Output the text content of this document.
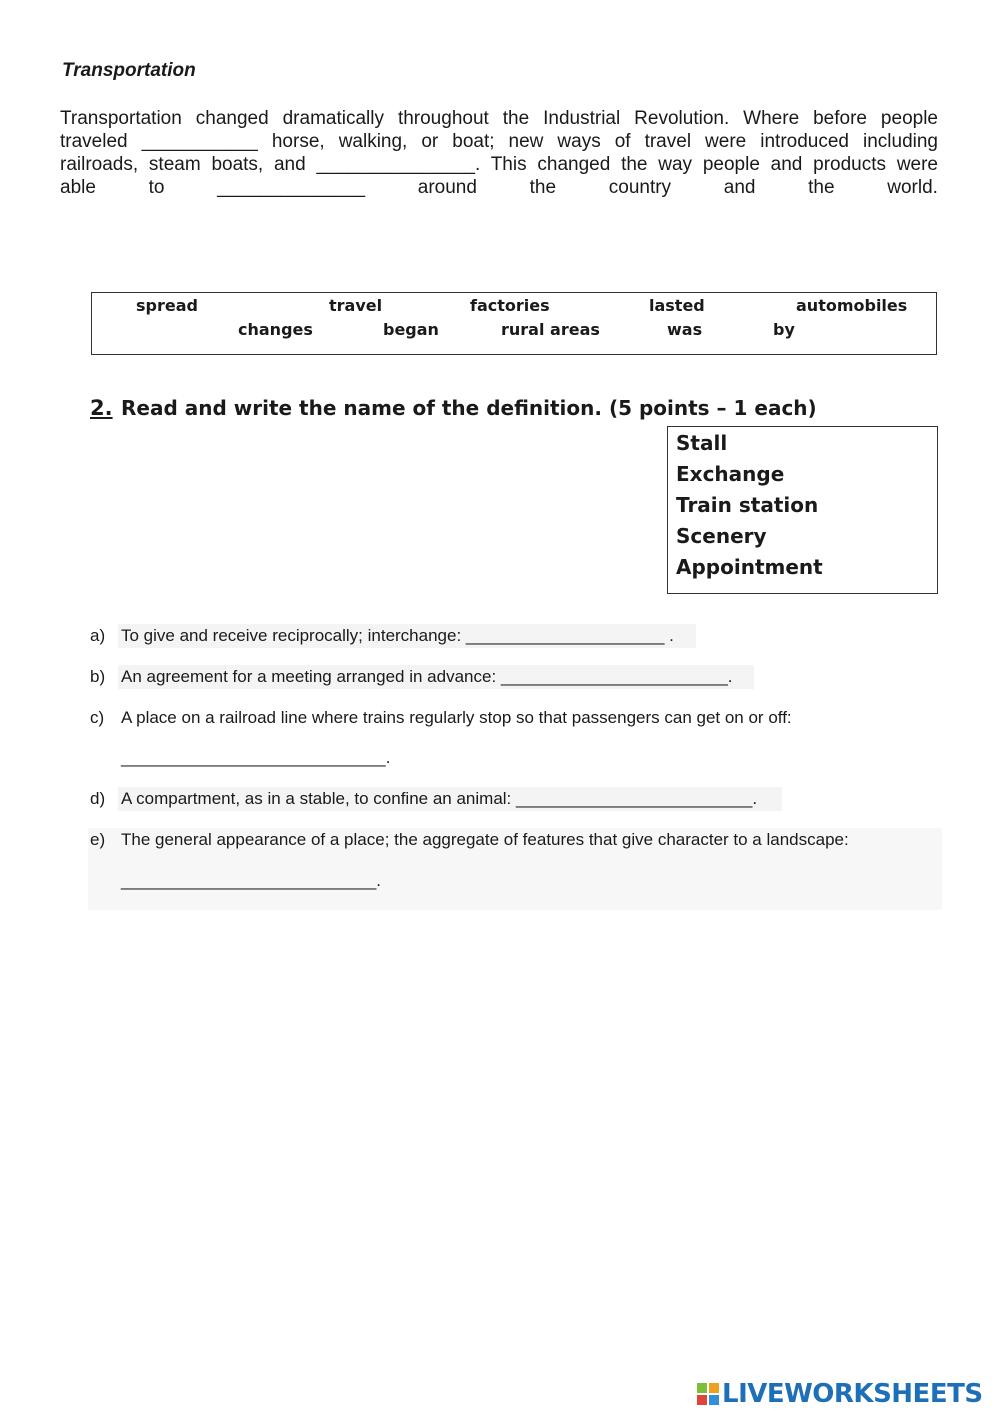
Transportation
Transportation changed dramatically throughout the Industrial Revolution. Where before people
traveled ___________ horse, walking, or boat; new ways of travel were introduced including
railroads, steam boats, and _______________. This changed the way people and products were
able	to	______________	around	the	country	and	the	world.
spread	travel	factories	lasted	automobiles
changes	began	rural areas	was	by
2. Read and write the name of the definition. (5 points – 1 each)
Stall
Exchange
Train station
Scenery
Appointment
a) To give and receive reciprocally; interchange: _____________________ .
b) An agreement for a meeting arranged in advance: ________________________.
c) A place on a railroad line where trains regularly stop so that passengers can get on or off:
____________________________.
d) A compartment, as in a stable, to confine an animal: _________________________.
e) The general appearance of a place; the aggregate of features that give character to a landscape:
___________________________.
LIVEWORKSHEETS
